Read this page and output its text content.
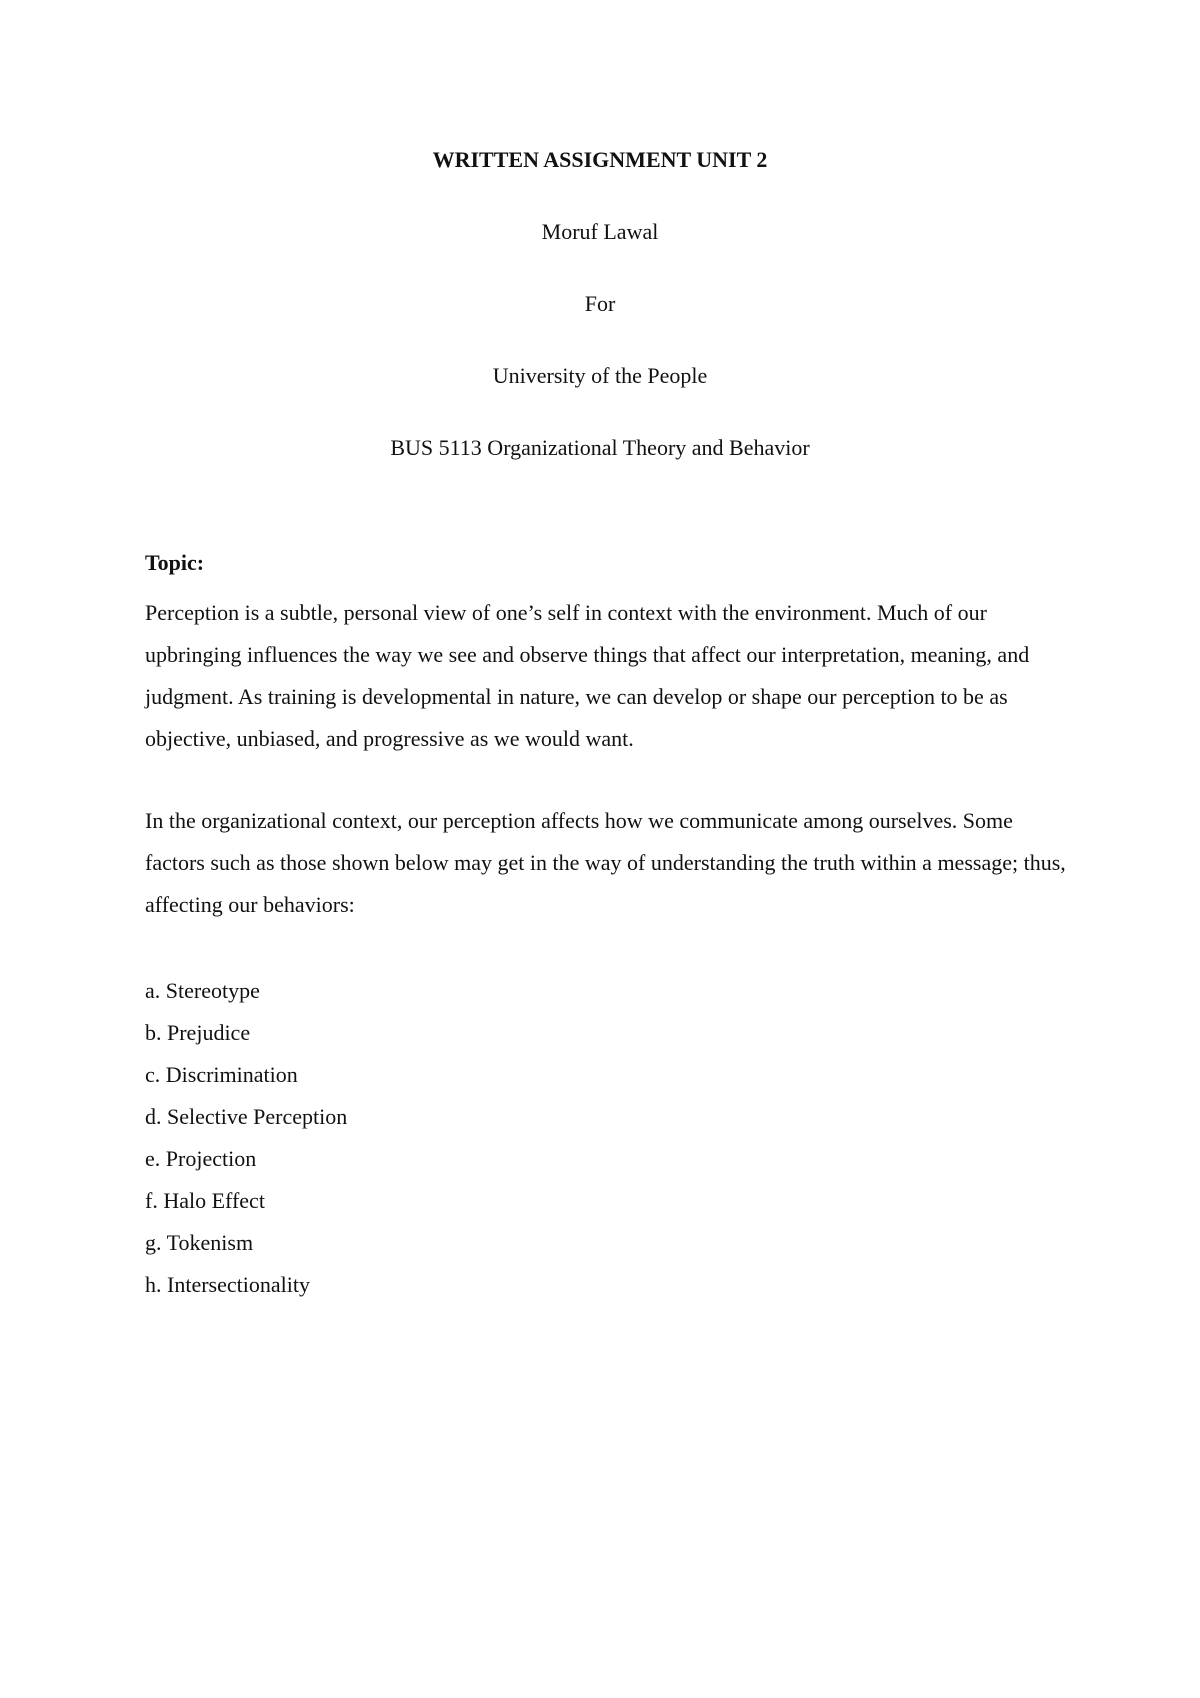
WRITTEN ASSIGNMENT UNIT 2

Moruf Lawal

For

University of the People

BUS 5113 Organizational Theory and Behavior

Topic:

Perception is a subtle, personal view of one’s self in context with the environment. Much of our upbringing influences the way we see and observe things that affect our interpretation, meaning, and judgment. As training is developmental in nature, we can develop or shape our perception to be as objective, unbiased, and progressive as we would want.

In the organizational context, our perception affects how we communicate among ourselves. Some factors such as those shown below may get in the way of understanding the truth within a message; thus, affecting our behaviors:

a. Stereotype
b. Prejudice
c. Discrimination
d. Selective Perception
e. Projection
f. Halo Effect
g. Tokenism
h. Intersectionality
